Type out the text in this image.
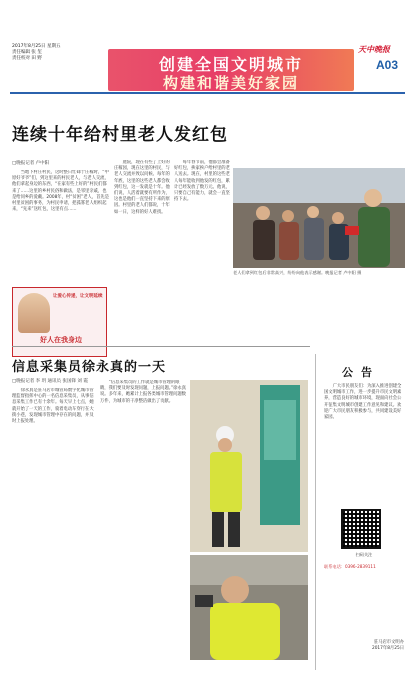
2017年8月25日 星期五
责任编辑 张 玺
责任校对 田 野	创建全国文明城市
构建和谐美好家园
天中晚报
A03
连续十年给村里老人发红包
□晚报记者 卢中阳

当地下村庄村民，这时整日忙碌于庄稼时，“中原好爷爷”们，到这里来的村民老人，与老人交流，他们拿起身边的东西，“在家有些上好的”村民们都来了……这里的乡村民俗和做法，是邻里亲戚，也是给同乡的爱戴。2008年，村“贫困”老人，首先是村里贫困的事务，为村民申请，把孤寡老人组织起来，“先来”送红包，这里有点……

庭院，现在有些了上好的庄稼园，现在这里的村民，与老人交流并致以问候。每年的年底，这里的这些老人都会收到红包，这一发就是十年。他们说，人活着就要有所作为，这也是他们一直坚持下来的原因。村里的老人们都说，十年如一日，这样的好人难找。

每年春节前，他都会准备好红包，挨家挨户给村里的老人送去。现在，村里的这些老人每年能收到他发的红包，累计已经发放了数万元。他说，只要自己有能力，就会一直坚持下去。

老人们拿到红包后非常高兴，纷纷向他表示感谢。晚报记者 卢中阳 摄
让爱心传递，让文明延续
好人在我身边
信息采集员徐永真的一天
□晚报记者 李 玥 通讯员 张国锋 刘 霞

徐永真是驻马店市城管局数字化城市管理监督指挥中心的一名信息采集员，从事信息采集工作已有十余年。每天早上七点，她就开始了一天的工作，骑着电动车穿行在大街小巷，发现城市管理中存在的问题，并及时上报处理。

“信息采集员的工作就是城市管理的眼睛，我们要及时发现问题，上报问题。”徐永真说。多年来，她累计上报各类城市管理问题数万件，为城市的干净整洁做出了贡献。

公告

广大市民朋友们：为深入推进创建全国文明城市工作，进一步提升市民文明素养，营造良好的城市环境，现面向社会公开征集文明城市创建工作意见和建议。欢迎广大市民朋友积极参与，共同建设美好家园。

扫码关注
联系电话：0396-2839111
驻马店市文明办
2017年8月25日
